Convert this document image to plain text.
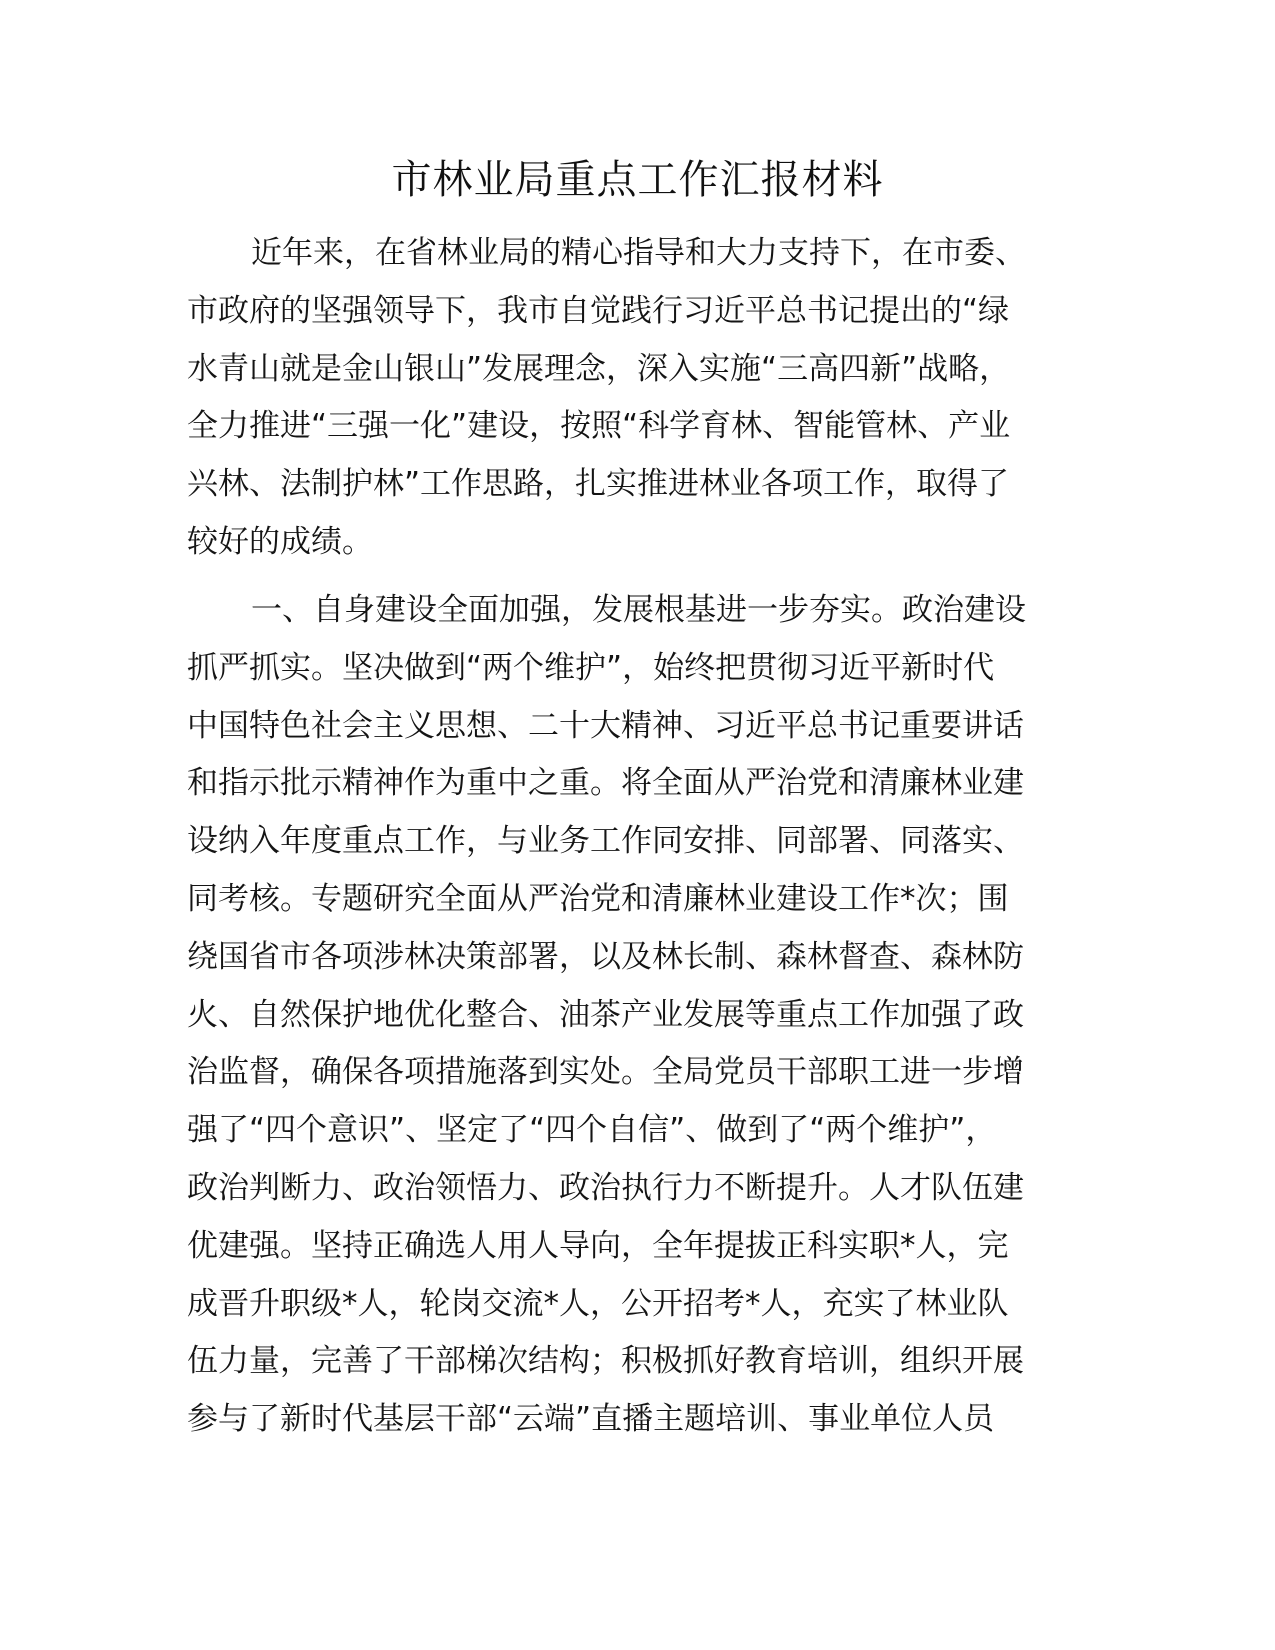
市林业局重点工作汇报材料
近年来，在省林业局的精心指导和大力支持下，在市委、
市政府的坚强领导下，我市自觉践行习近平总书记提出的“绿
水青山就是金山银山”发展理念，深入实施“三高四新”战略，
全力推进“三强一化”建设，按照“科学育林、智能管林、产业
兴林、法制护林”工作思路，扎实推进林业各项工作，取得了
较好的成绩。
一、自身建设全面加强，发展根基进一步夯实。政治建设
抓严抓实。坚决做到“两个维护”，始终把贯彻习近平新时代
中国特色社会主义思想、二十大精神、习近平总书记重要讲话
和指示批示精神作为重中之重。将全面从严治党和清廉林业建
设纳入年度重点工作，与业务工作同安排、同部署、同落实、
同考核。专题研究全面从严治党和清廉林业建设工作*次；围
绕国省市各项涉林决策部署，以及林长制、森林督查、森林防
火、自然保护地优化整合、油茶产业发展等重点工作加强了政
治监督，确保各项措施落到实处。全局党员干部职工进一步增
强了“四个意识”、坚定了“四个自信”、做到了“两个维护”，
政治判断力、政治领悟力、政治执行力不断提升。人才队伍建
优建强。坚持正确选人用人导向，全年提拔正科实职*人，完
成晋升职级*人，轮岗交流*人，公开招考*人，充实了林业队
伍力量，完善了干部梯次结构；积极抓好教育培训，组织开展
参与了新时代基层干部“云端”直播主题培训、事业单位人员
